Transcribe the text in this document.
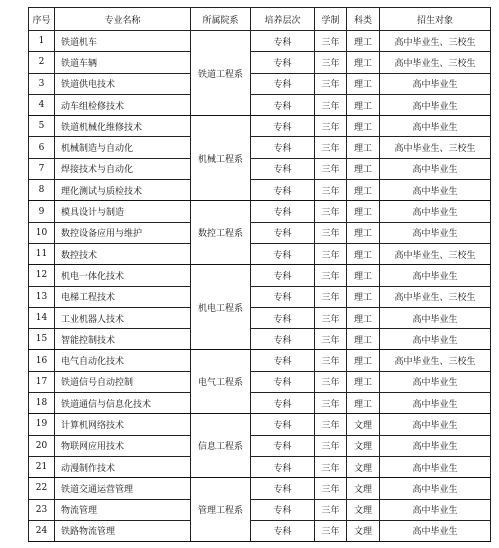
序号	专业名称	所属院系	培养层次	学制	科类	招生对象
1	铁道机车	铁道工程系	专科	三年	理工	高中毕业生、三校生
2	铁道车辆		专科	三年	理工	高中毕业生、三校生
3	铁道供电技术		专科	三年	理工	高中毕业生
4	动车组检修技术		专科	三年	理工	高中毕业生
5	铁道机械化维修技术	机械工程系	专科	三年	理工	高中毕业生
6	机械制造与自动化		专科	三年	理工	高中毕业生、三校生
7	焊接技术与自动化		专科	三年	理工	高中毕业生
8	理化测试与质检技术		专科	三年	理工	高中毕业生
9	模具设计与制造	数控工程系	专科	三年	理工	高中毕业生
10	数控设备应用与维护		专科	三年	理工	高中毕业生
11	数控技术		专科	三年	理工	高中毕业生、三校生
12	机电一体化技术	机电工程系	专科	三年	理工	高中毕业生
13	电梯工程技术		专科	三年	理工	高中毕业生、三校生
14	工业机器人技术		专科	三年	理工	高中毕业生
15	智能控制技术		专科	三年	理工	高中毕业生
16	电气自动化技术	电气工程系	专科	三年	理工	高中毕业生、三校生
17	铁道信号自动控制		专科	三年	理工	高中毕业生
18	铁道通信与信息化技术		专科	三年	理工	高中毕业生
19	计算机网络技术	信息工程系	专科	三年	文理	高中毕业生
20	物联网应用技术		专科	三年	文理	高中毕业生
21	动漫制作技术		专科	三年	文理	高中毕业生
22	铁道交通运营管理	管理工程系	专科	三年	文理	高中毕业生
23	物流管理		专科	三年	文理	高中毕业生
24	铁路物流管理		专科	三年	文理	高中毕业生
